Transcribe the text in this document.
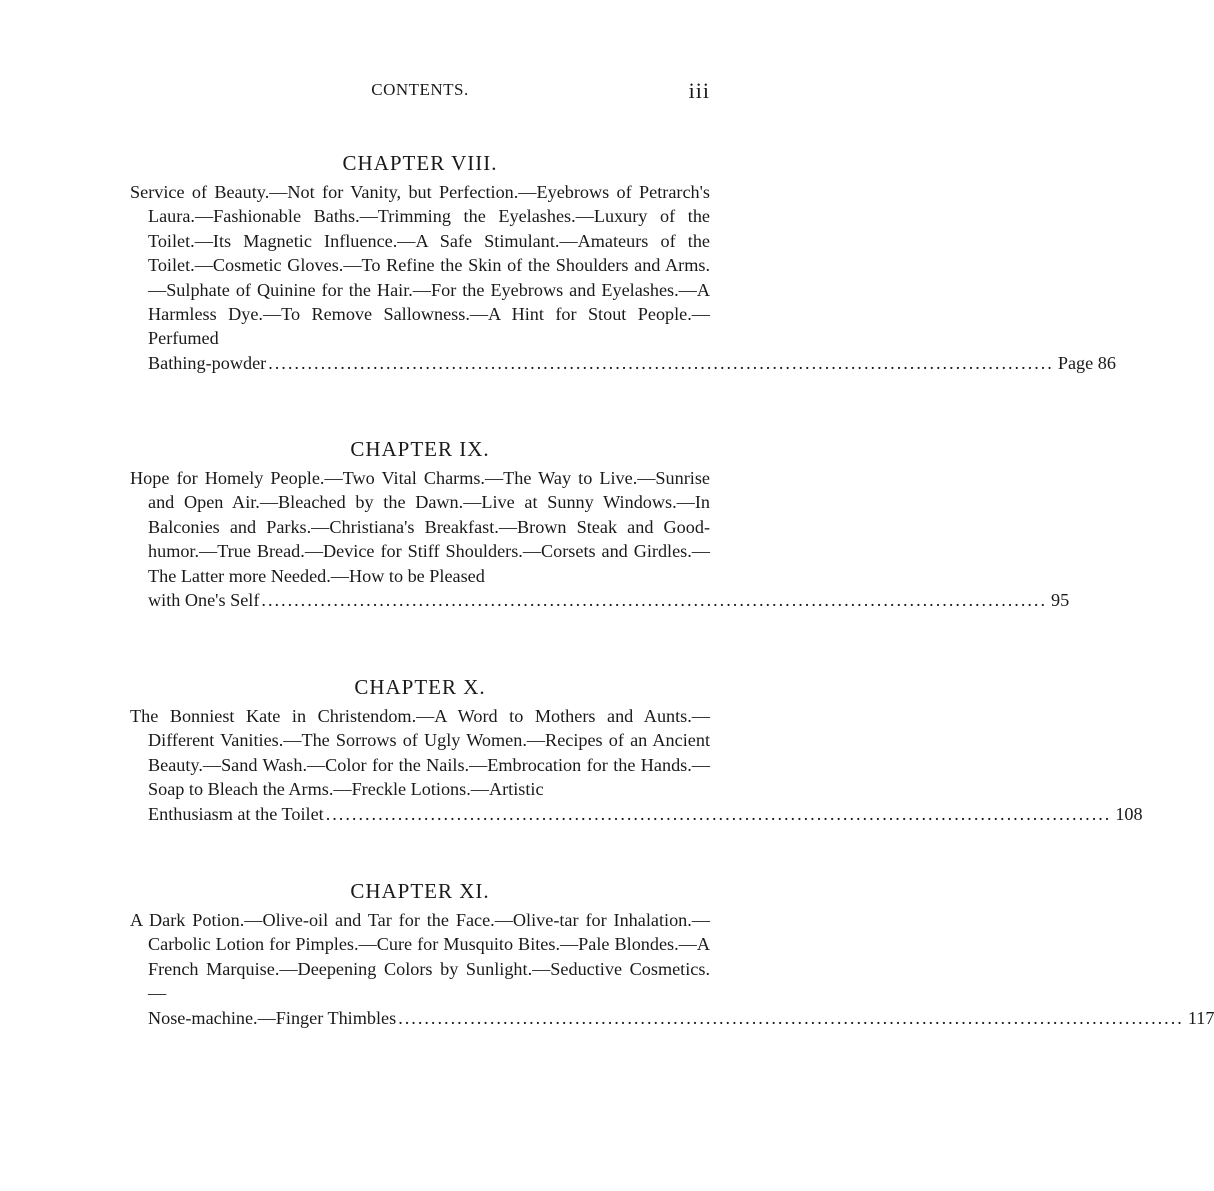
CONTENTS.	iii
CHAPTER VIII.

Service of Beauty.—Not for Vanity, but Perfection.—Eyebrows of Petrarch's Laura.—Fashionable Baths.—Trimming the Eyelashes.—Luxury of the Toilet.—Its Magnetic Influence.—A Safe Stimulant.—Amateurs of the Toilet.—Cosmetic Gloves.—To Refine the Skin of the Shoulders and Arms.—Sulphate of Quinine for the Hair.—For the Eyebrows and Eyelashes.—A Harmless Dye.—To Remove Sallowness.—A Hint for Stout People.—Perfumed

Bathing-powder ........................................................................................................................ Page 86
CHAPTER IX.

Hope for Homely People.—Two Vital Charms.—The Way to Live.—Sunrise and Open Air.—Bleached by the Dawn.—Live at Sunny Windows.—In Balconies and Parks.—Christiana's Breakfast.—Brown Steak and Good-humor.—True Bread.—Device for Stiff Shoulders.—Corsets and Girdles.—The Latter more Needed.—How to be Pleased

with One's Self ........................................................................................................................ 95
CHAPTER X.

The Bonniest Kate in Christendom.—A Word to Mothers and Aunts.—Different Vanities.—The Sorrows of Ugly Women.—Recipes of an Ancient Beauty.—Sand Wash.—Color for the Nails.—Embrocation for the Hands.—Soap to Bleach the Arms.—Freckle Lotions.—Artistic

Enthusiasm at the Toilet ........................................................................................................................ 108
CHAPTER XI.

A Dark Potion.—Olive-oil and Tar for the Face.—Olive-tar for Inhalation.—Carbolic Lotion for Pimples.—Cure for Musquito Bites.—Pale Blondes.—A French Marquise.—Deepening Colors by Sunlight.—Seductive Cosmetics.—

Nose-machine.—Finger Thimbles ........................................................................................................................ 117
